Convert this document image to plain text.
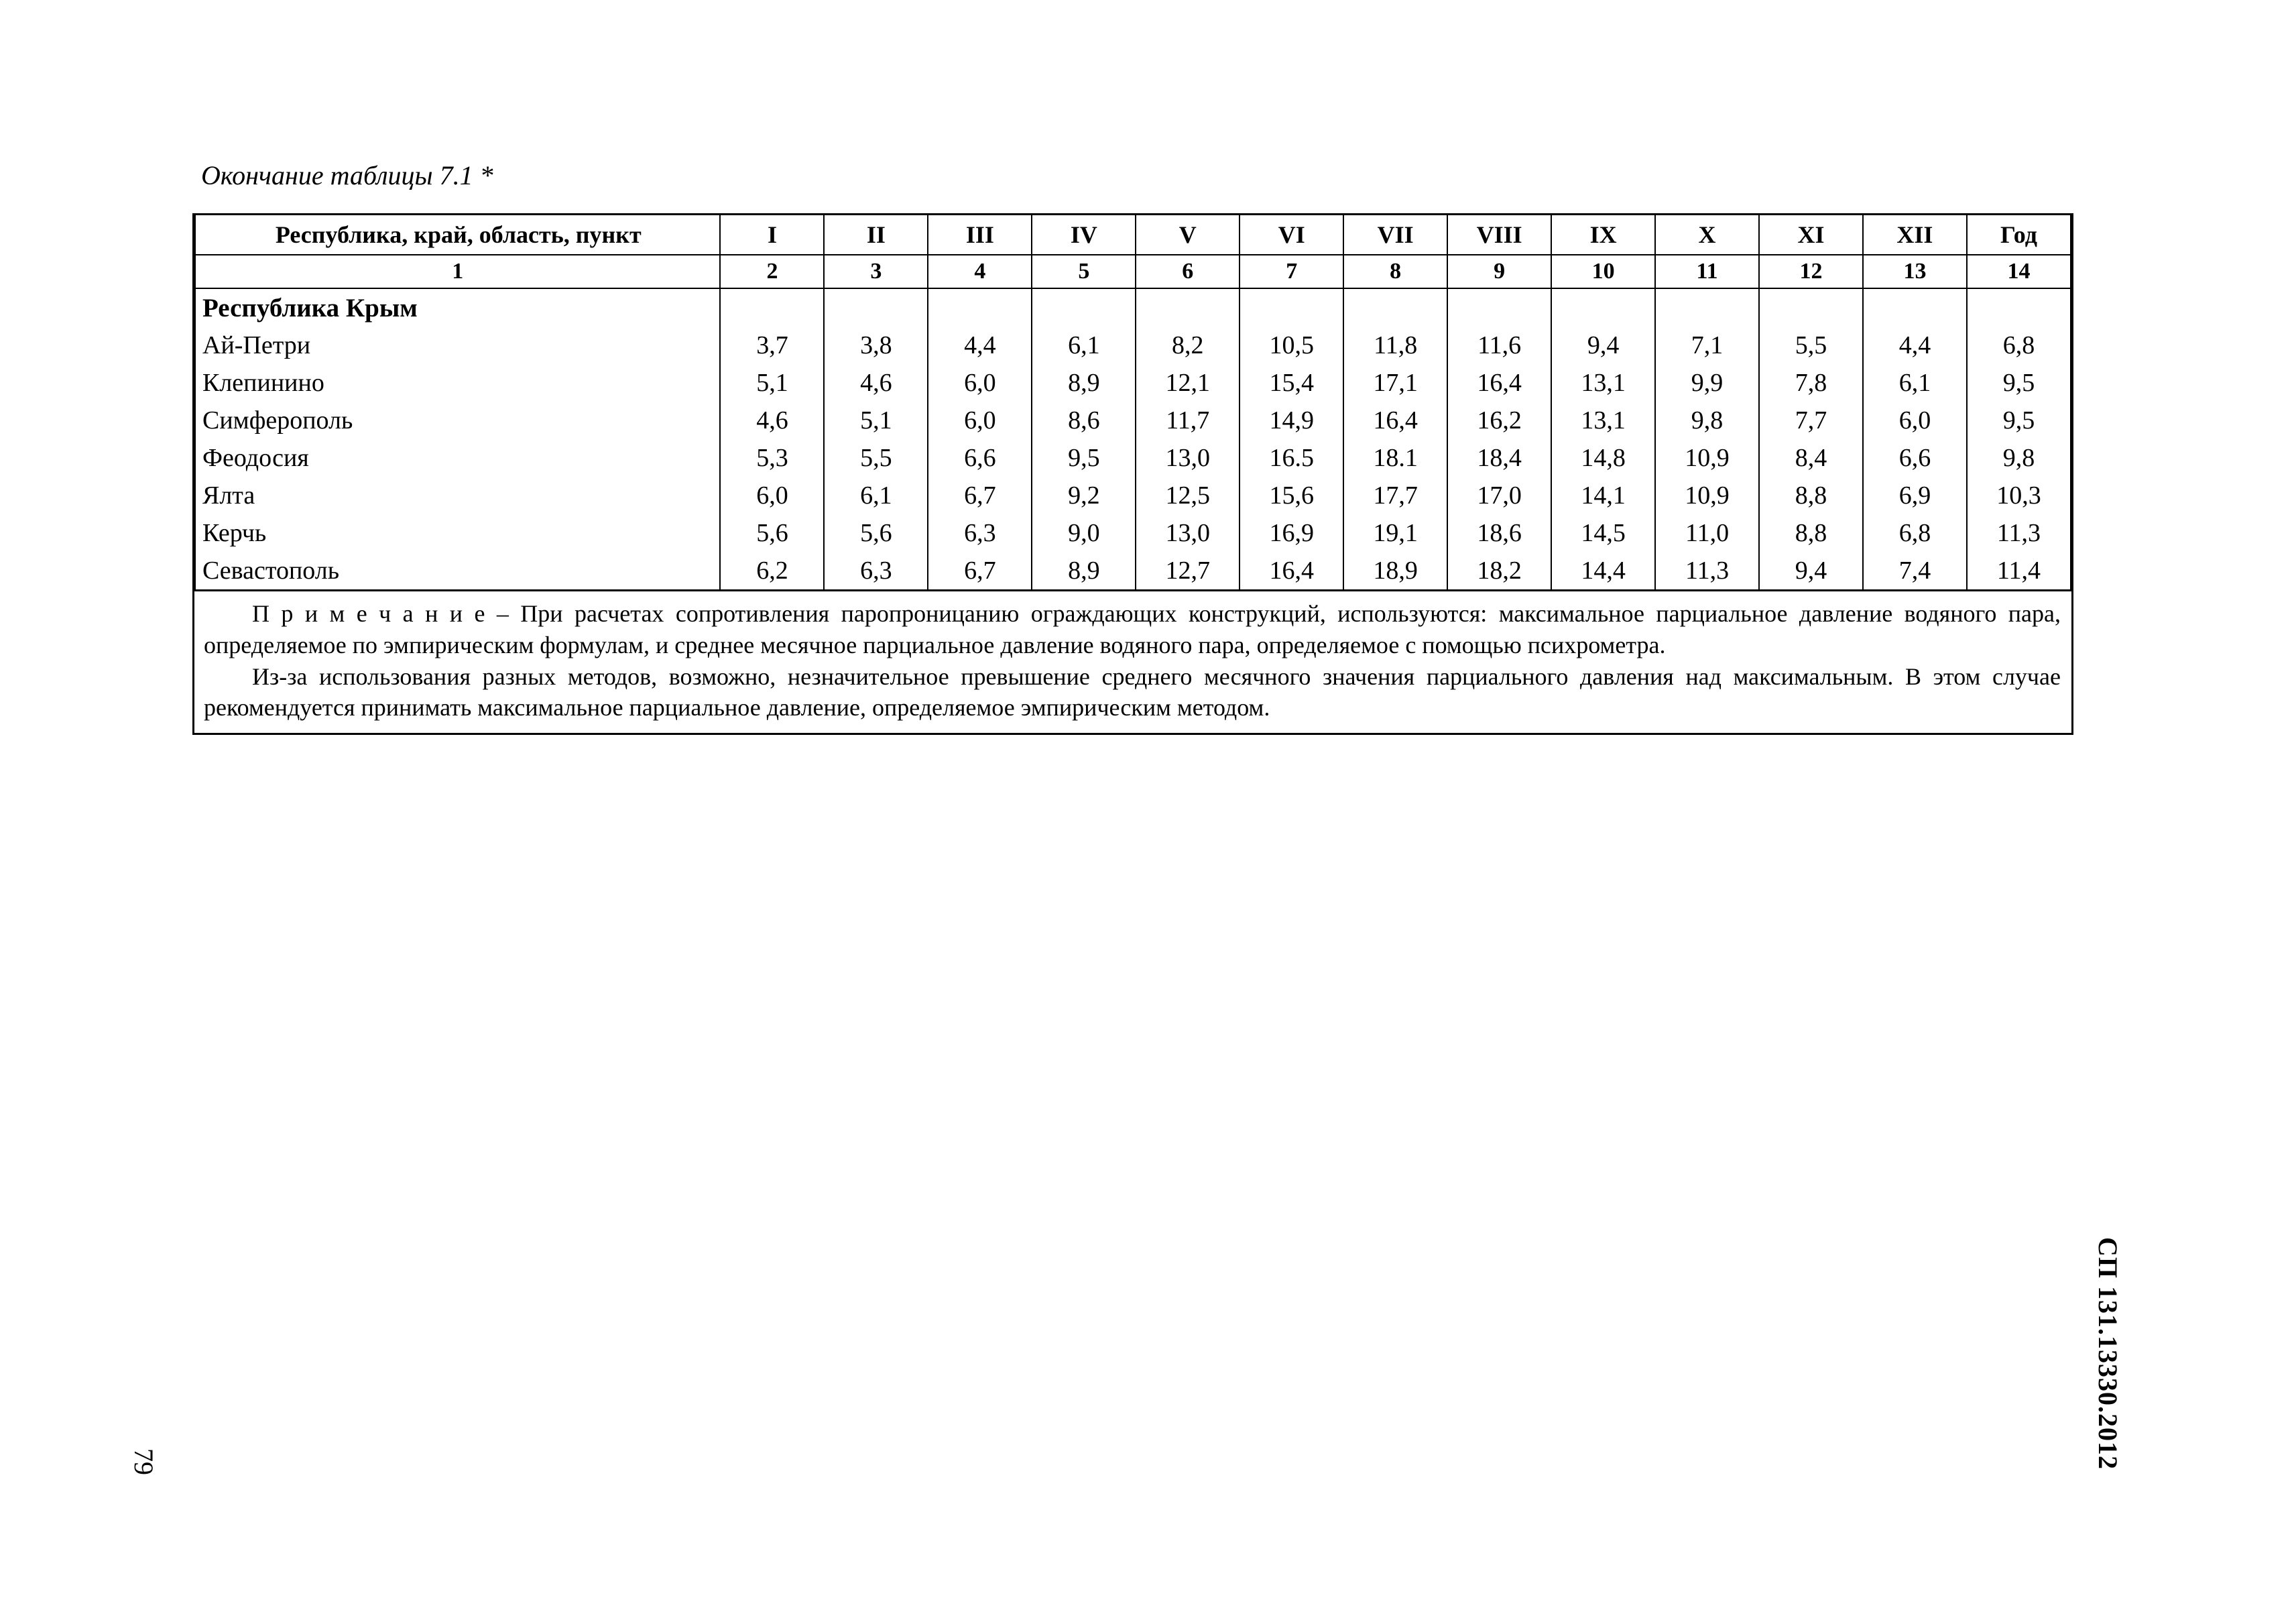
Окончание таблицы 7.1 *
Республика, край, область, пункт	I	II	III	IV	V	VI	VII	VIII	IX	X	XI	XII	Год
1	2	3	4	5	6	7	8	9	10	11	12	13	14
Республика Крым													
Ай-Петри	3,7	3,8	4,4	6,1	8,2	10,5	11,8	11,6	9,4	7,1	5,5	4,4	6,8
Клепинино	5,1	4,6	6,0	8,9	12,1	15,4	17,1	16,4	13,1	9,9	7,8	6,1	9,5
Симферополь	4,6	5,1	6,0	8,6	11,7	14,9	16,4	16,2	13,1	9,8	7,7	6,0	9,5
Феодосия	5,3	5,5	6,6	9,5	13,0	16.5	18.1	18,4	14,8	10,9	8,4	6,6	9,8
Ялта	6,0	6,1	6,7	9,2	12,5	15,6	17,7	17,0	14,1	10,9	8,8	6,9	10,3
Керчь	5,6	5,6	6,3	9,0	13,0	16,9	19,1	18,6	14,5	11,0	8,8	6,8	11,3
Севастополь	6,2	6,3	6,7	8,9	12,7	16,4	18,9	18,2	14,4	11,3	9,4	7,4	11,4

П р и м е ч а н и е – При расчетах сопротивления паропроницанию ограждающих конструкций, используются: максимальное парциальное давление водяного пара, определяемое по эмпирическим формулам, и среднее месячное парциальное давление водяного пара, определяемое с помощью психрометра.

Из-за использования разных методов, возможно, незначительное превышение среднего месячного значения парциального давления над максимальным. В этом случае рекомендуется принимать максимальное парциальное давление, определяемое эмпирическим методом.

79	СП 131.13330.2012
